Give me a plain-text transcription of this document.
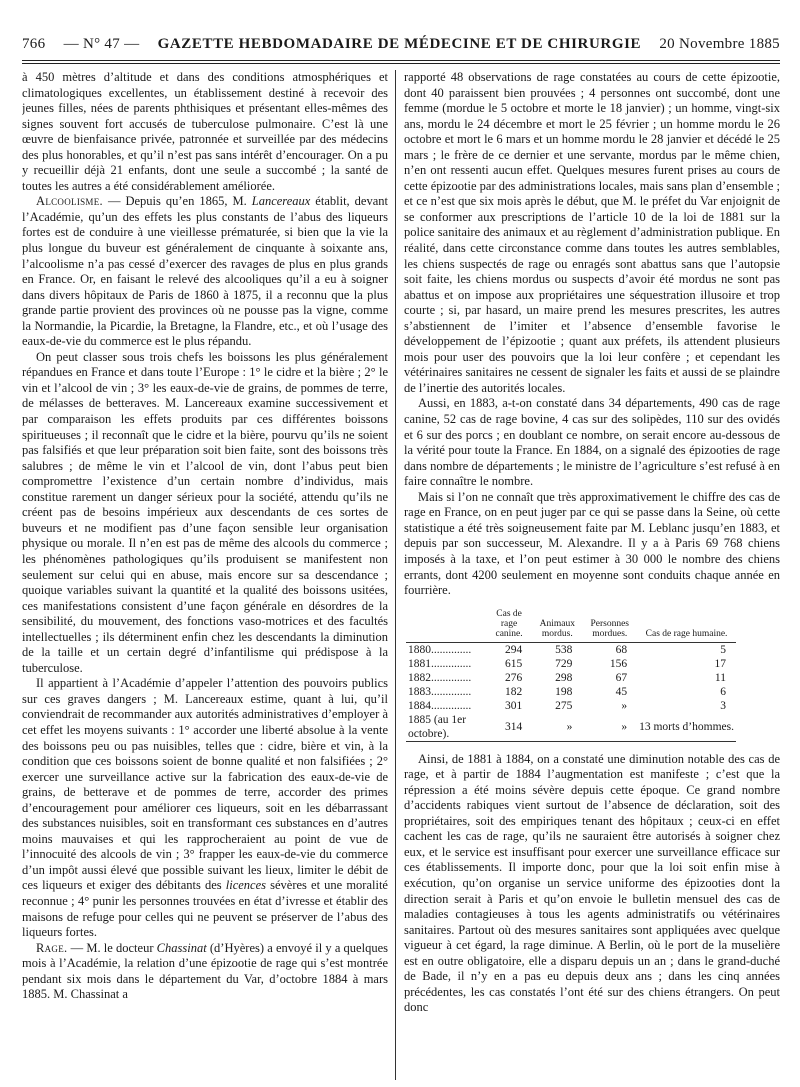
766 — N° 47 — GAZETTE HEBDOMADAIRE DE MÉDECINE ET DE CHIRURGIE 20 Novembre 1885

à 450 mètres d’altitude et dans des conditions atmosphériques et climatologiques excellentes, un établissement destiné à recevoir des jeunes filles, nées de parents phthisiques et présentant elles-mêmes des signes souvent fort accusés de tuberculose pulmonaire. C’est là une œuvre de bienfaisance privée, patronnée et surveillée par des médecins des plus honorables, et qu’il n’est pas sans intérêt d’encourager. On a pu y recueillir déjà 21 enfants, dont une seule a succombé ; la santé de toutes les autres a été considérablement améliorée.

Alcoolisme. — Depuis qu’en 1865, M. Lancereaux établit, devant l’Académie, qu’un des effets les plus constants de l’abus des liqueurs fortes est de conduire à une vieillesse prématurée, si bien que la vie la plus longue du buveur est généralement de cinquante à soixante ans, l’alcoolisme n’a pas cessé d’exercer des ravages de plus en plus grands en France. Or, en faisant le relevé des alcooliques qu’il a eu à soigner dans divers hôpitaux de Paris de 1860 à 1875, il a reconnu que la plus grande partie provient des provinces où ne pousse pas la vigne, comme la Normandie, la Picardie, la Bretagne, la Flandre, etc., et où l’usage des eaux-de-vie du commerce est le plus répandu.

On peut classer sous trois chefs les boissons les plus généralement répandues en France et dans toute l’Europe : 1° le cidre et la bière ; 2° le vin et l’alcool de vin ; 3° les eaux-de-vie de grains, de pommes de terre, de mélasses de betteraves. M. Lancereaux examine successivement et par comparaison les effets produits par ces différentes boissons spiritueuses ; il reconnaît que le cidre et la bière, pourvu qu’ils ne soient pas falsifiés et que leur préparation soit bien faite, sont des boissons très salubres ; de même le vin et l’alcool de vin, dont l’abus peut bien compromettre l’existence d’un certain nombre d’individus, mais constitue rarement un danger sérieux pour la société, attendu qu’ils ne créent pas de besoins impérieux aux descendants de ces sortes de buveurs et ne modifient pas d’une façon sensible leur organisation physique ou morale. Il n’en est pas de même des alcools du commerce ; les phénomènes pathologiques qu’ils produisent se manifestent non seulement sur celui qui en abuse, mais encore sur sa descendance ; quoique variables suivant la quantité et la qualité des boissons usitées, ces manifestations consistent d’une façon générale en désordres de la sensibilité, du mouvement, des fonctions vaso-motrices et des facultés intellectuelles ; ils déterminent enfin chez les descendants la diminution de la taille et un certain degré d’infantilisme qui prédispose à la tuberculose.

Il appartient à l’Académie d’appeler l’attention des pouvoirs publics sur ces graves dangers ; M. Lancereaux estime, quant à lui, qu’il conviendrait de recommander aux autorités administratives d’employer à cet effet les moyens suivants : 1° accorder une liberté absolue à la vente des boissons peu ou pas nuisibles, telles que : cidre, bière et vin, à la condition que ces boissons soient de bonne qualité et non falsifiées ; 2° exercer une surveillance active sur la fabrication des eaux-de-vie de grains, de betterave et de pommes de terre, accorder des primes d’encouragement pour améliorer ces liqueurs, soit en les débarrassant des substances nuisibles, soit en transformant ces substances en d’autres moins mauvaises et qui les rapprocheraient au point de vue de l’innocuité des alcools de vin ; 3° frapper les eaux-de-vie du commerce d’un impôt aussi élevé que possible suivant les lieux, limiter le débit de ces liqueurs et exiger des débitants des licences sévères et une moralité reconnue ; 4° punir les personnes trouvées en état d’ivresse et établir des maisons de refuge pour celles qui ne peuvent se préserver de l’abus des liqueurs fortes.

Rage. — M. le docteur Chassinat (d’Hyères) a envoyé il y a quelques mois à l’Académie, la relation d’une épizootie de rage qui s’est montrée pendant six mois dans le département du Var, d’octobre 1884 à mars 1885. M. Chassinat a

rapporté 48 observations de rage constatées au cours de cette épizootie, dont 40 paraissent bien prouvées ; 4 personnes ont succombé, dont une femme (mordue le 5 octobre et morte le 18 janvier) ; un homme, vingt-six ans, mordu le 24 décembre et mort le 25 février ; un homme mordu le 26 octobre et mort le 6 mars et un homme mordu le 28 janvier et décédé le 25 mars ; le frère de ce dernier et une servante, mordus par le même chien, n’en ont ressenti aucun effet. Quelques mesures furent prises au cours de cette épizootie par des administrations locales, mais sans plan d’ensemble ; et ce n’est que six mois après le début, que M. le préfet du Var enjoignit de se conformer aux prescriptions de l’article 10 de la loi de 1881 sur la police sanitaire des animaux et au règlement d’administration publique. En réalité, dans cette circonstance comme dans toutes les autres semblables, les chiens suspectés de rage ou enragés sont abattus sans que l’autopsie soit faite, les chiens mordus ou suspects d’avoir été mordus ne sont pas abattus et on impose aux propriétaires une séquestration illusoire et trop courte ; si, par hasard, un maire prend les mesures prescrites, les autres s’abstiennent de l’imiter et l’absence d’ensemble favorise le développement de l’épizootie ; quant aux préfets, ils attendent plusieurs mois pour user des pouvoirs que la loi leur confère ; et cependant les vétérinaires sanitaires ne cessent de signaler les faits et aussi de se plaindre de l’inertie des autorités locales.

Aussi, en 1883, a-t-on constaté dans 34 départements, 490 cas de rage canine, 52 cas de rage bovine, 4 cas sur des solipèdes, 110 sur des ovidés et 6 sur des porcs ; en doublant ce nombre, on serait encore au-dessous de la vérité pour toute la France. En 1884, on a signalé des épizooties de rage dans nombre de départements ; le ministre de l’agriculture s’est refusé à en faire connaître le nombre.

Mais si l’on ne connaît que très approximativement le chiffre des cas de rage en France, on en peut juger par ce qui se passe dans la Seine, où cette statistique a été très soigneusement faite par M. Leblanc jusqu’en 1883, et depuis par son successeur, M. Alexandre. Il y a à Paris 69 768 chiens imposés à la taxe, et l’on peut estimer à 30 000 le nombre des chiens errants, dont 4200 seulement en moyenne sont conduits chaque année en fourrière.

	Cas de rage canine.	Animaux mordus.	Personnes mordues.	Cas de rage humaine.
1880..............	294	538	68	5
1881..............	615	729	156	17
1882..............	276	298	67	11
1883..............	182	198	45	6
1884..............	301	275	»	3
1885 (au 1er octobre).	314	»	»	13 morts d’hommes.

Ainsi, de 1881 à 1884, on a constaté une diminution notable des cas de rage, et à partir de 1884 l’augmentation est manifeste ; c’est que la répression a été moins sévère depuis cette époque. Ce grand nombre d’accidents rabiques vient surtout de l’absence de déclaration, soit des propriétaires, soit des empiriques tenant des hôpitaux ; ceux-ci en effet cachent les cas de rage, qu’ils ne sauraient être autorisés à soigner chez eux, et le service est insuffisant pour exercer une surveillance efficace sur ces établissements. Il importe donc, pour que la loi soit enfin mise à exécution, qu’on organise un service uniforme des épizooties dont la direction serait à Paris et qu’on envoie le bulletin mensuel des cas de maladies contagieuses à tous les agents administratifs ou vétérinaires sanitaires. Partout où des mesures sanitaires sont appliquées avec quelque vigueur à cet égard, la rage diminue. A Berlin, où le port de la muselière est en outre obligatoire, elle a disparu depuis un an ; dans le grand-duché de Bade, il n’y en a pas eu depuis deux ans ; dans les cinq années précédentes, les cas constatés l’ont été sur des chiens étrangers. On peut donc
